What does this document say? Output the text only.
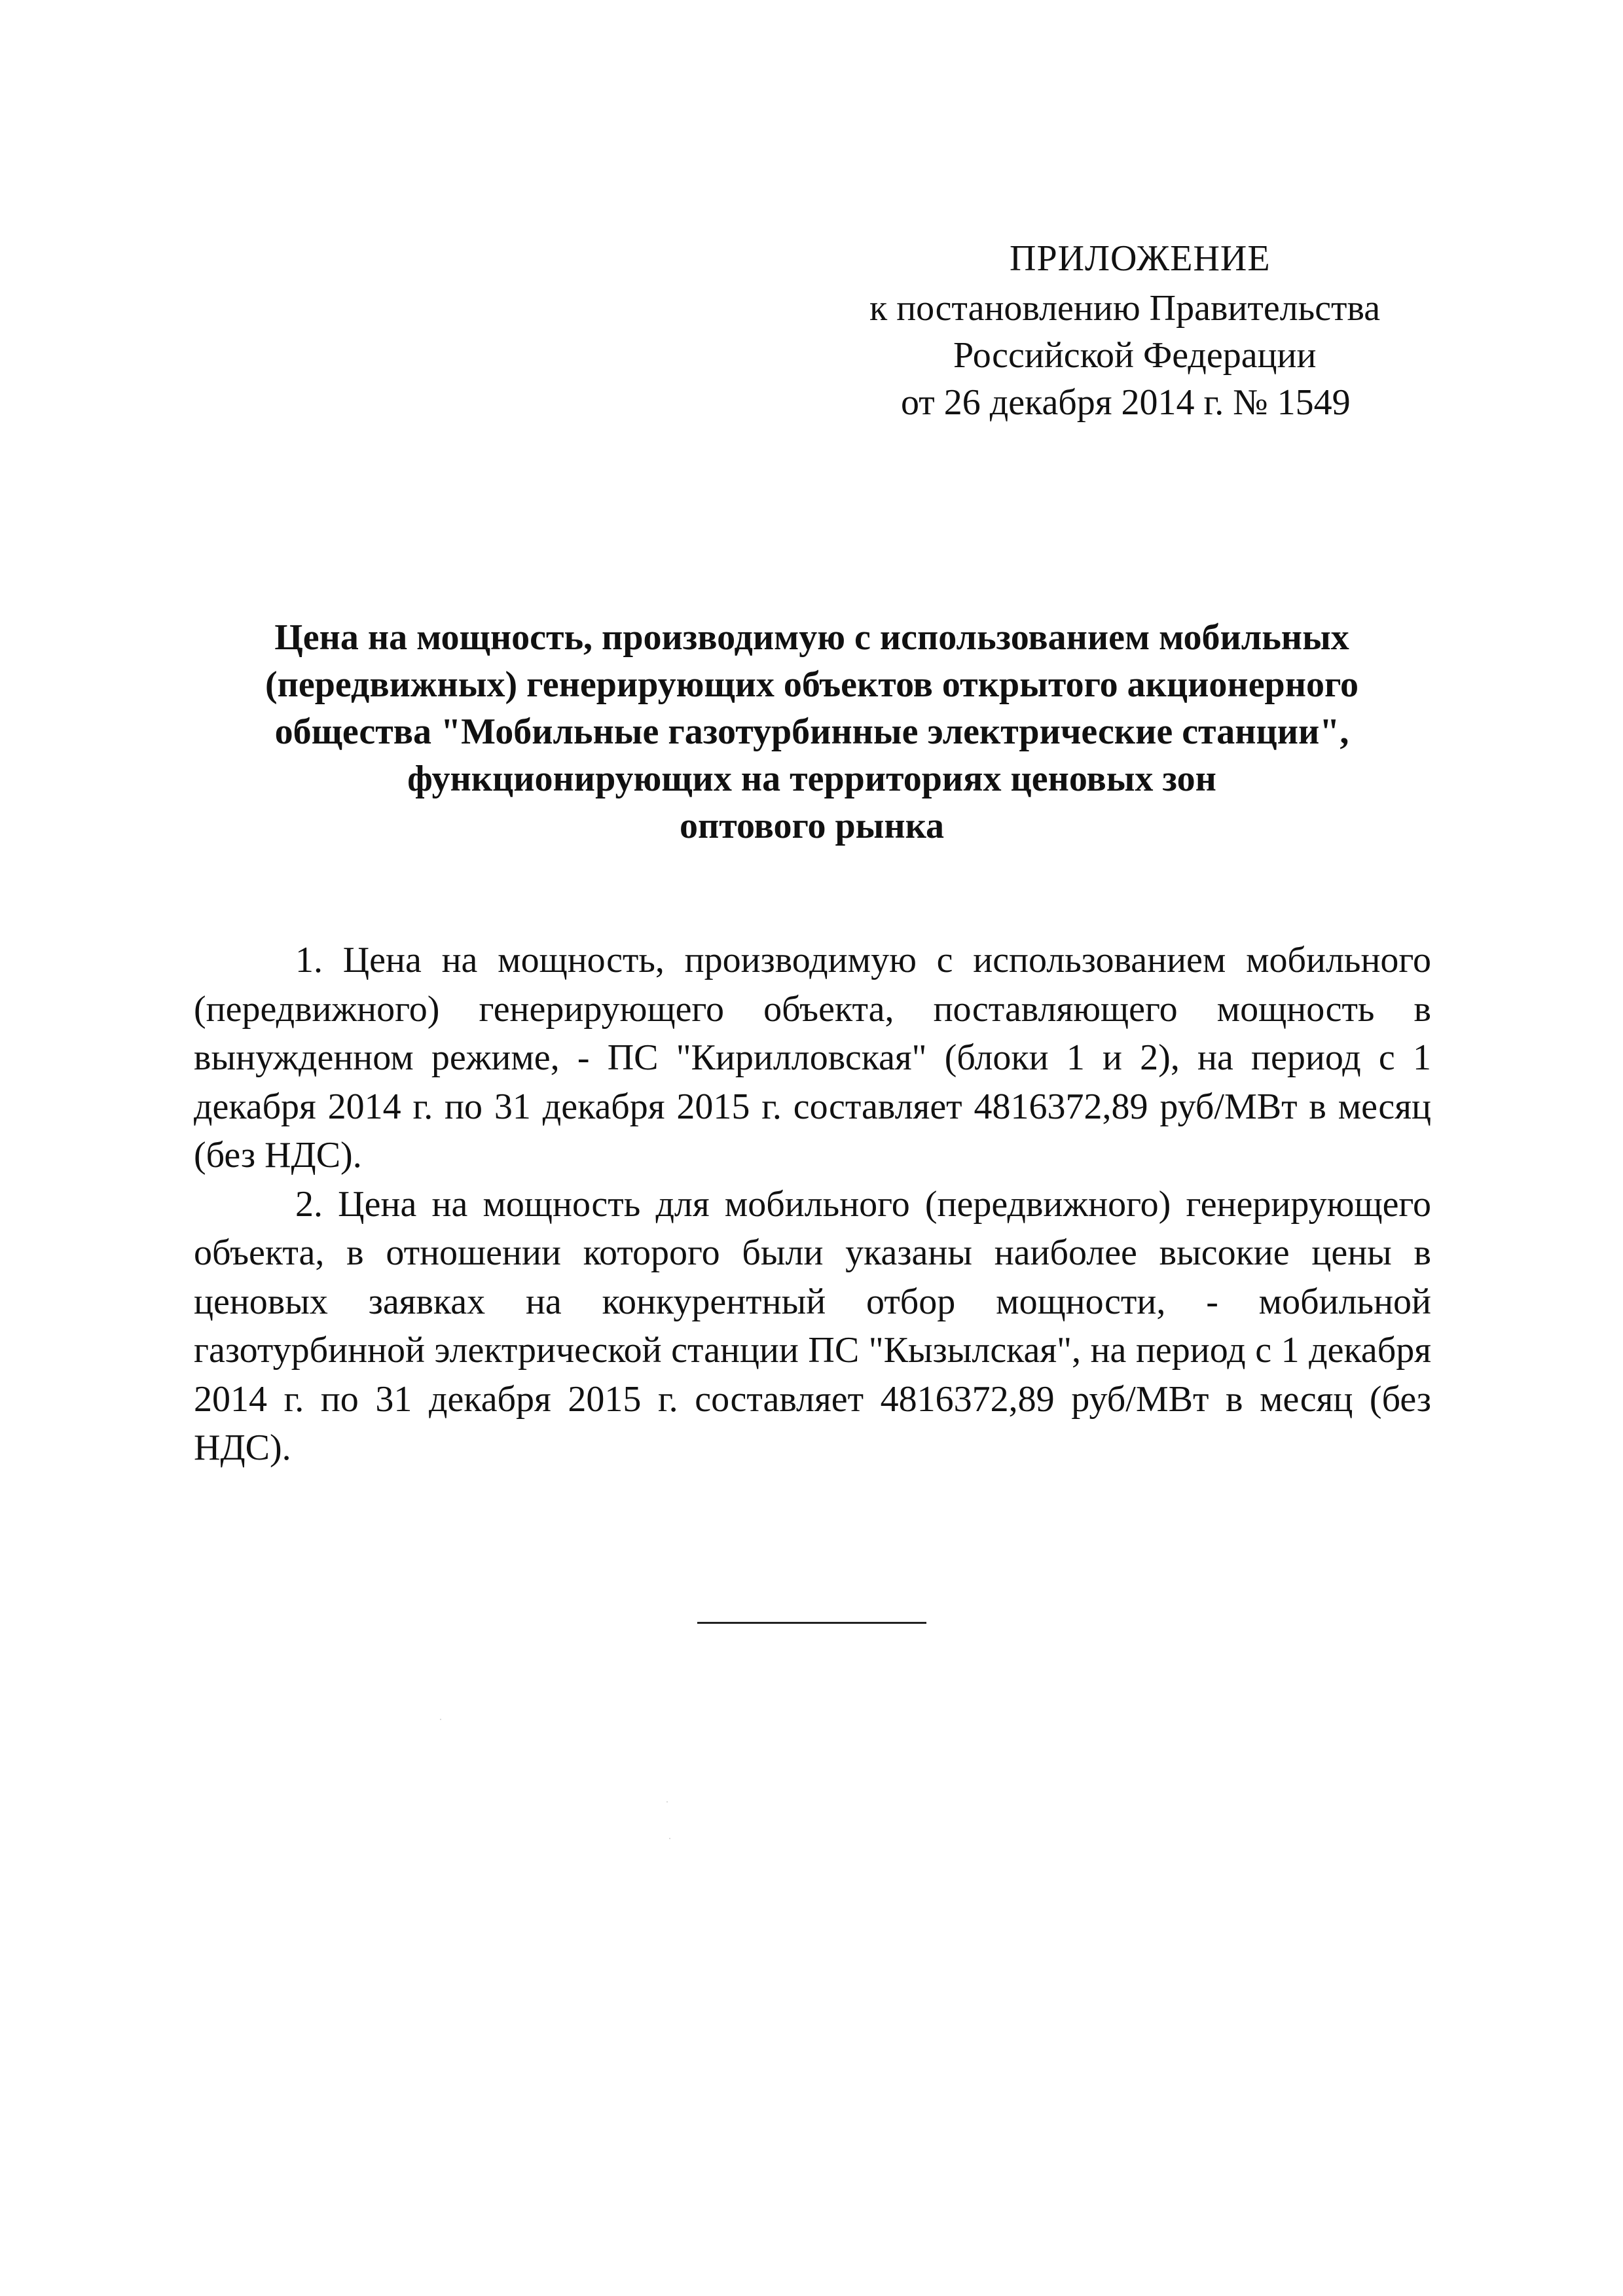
ПРИЛОЖЕНИЕ
к постановлению Правительства
Российской Федерации
от 26 декабря 2014 г. № 1549
Цена на мощность, производимую с использованием мобильных
(передвижных) генерирующих объектов открытого акционерного
общества "Мобильные газотурбинные электрические станции",
функционирующих на территориях ценовых зон
оптового рынка

1. Цена на мощность, производимую с использованием мобильного (передвижного) генерирующего объекта, поставляющего мощность в вынужденном режиме, - ПС "Кирилловская" (блоки 1 и 2), на период с 1 декабря 2014 г. по 31 декабря 2015 г. составляет 4816372,89 руб/МВт в месяц (без НДС).

2. Цена на мощность для мобильного (передвижного) генерирующего объекта, в отношении которого были указаны наиболее высокие цены в ценовых заявках на конкурентный отбор мощности, - мобильной газотурбинной электрической станции ПС "Кызылская", на период с 1 декабря 2014 г. по 31 декабря 2015 г. составляет 4816372,89 руб/МВт в месяц (без НДС).
